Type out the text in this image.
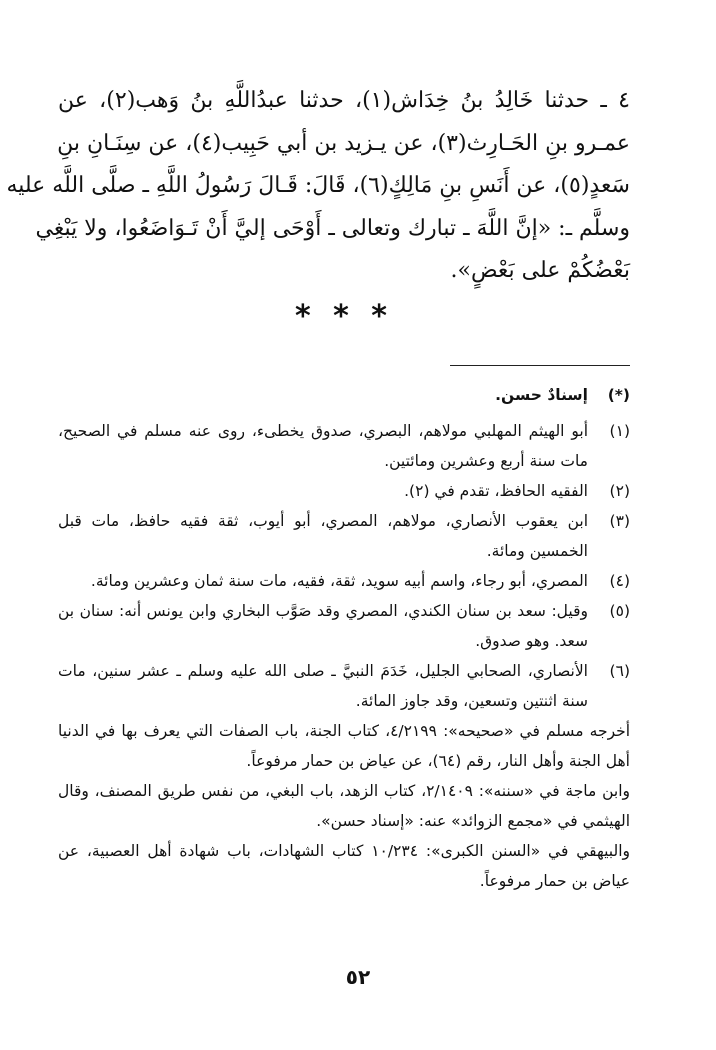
٤ ـ حدثنا خَالِدُ بنُ خِدَاش(١)، حدثنا عبدُاللَّهِ بنُ وَهب(٢)، عن
عمـرو بنِ الحَـارِث(٣)، عن يـزيد بن أبي حَبِيب(٤)، عن سِنَـانِ بنِ
سَعدٍ(٥)، عن أَنَسِ بنِ مَالِكٍ(٦)، قَالَ: قَـالَ رَسُولُ اللَّهِ ـ صلَّى اللَّه عليه
وسلَّم ـ: «إنَّ اللَّهَ ـ تبارك وتعالى ـ أَوْحَى إليَّ أَنْ تَـوَاضَعُوا، ولا يَبْغِي
بَعْضُكُمْ على بَعْضٍ».
* * *
(*)
إسنادٌ حسن.
(١)
أبو الهيثم المهلبي مولاهم، البصري، صدوق يخطىء، روى عنه مسلم في الصحيح، مات سنة أربع وعشرين ومائتين.
(٢)
الفقيه الحافظ، تقدم في (٢).
(٣)
ابن يعقوب الأنصاري، مولاهم، المصري، أبو أيوب، ثقة فقيه حافظ، مات قبل الخمسين ومائة.
(٤)
المصري، أبو رجاء، واسم أبيه سويد، ثقة، فقيه، مات سنة ثمان وعشرين ومائة.
(٥)
وقيل: سعد بن سنان الكندي، المصري وقد صَوَّب البخاري وابن يونس أنه: سنان بن سعد. وهو صدوق.
(٦)
الأنصاري، الصحابي الجليل، خَدَمَ النبيَّ ـ صلى الله عليه وسلم ـ عشر سنين، مات سنة اثنتين وتسعين، وقد جاوز المائة.
أخرجه مسلم في «صحيحه»: ٤/٢١٩٩، كتاب الجنة، باب الصفات التي يعرف بها في الدنيا أهل الجنة وأهل النار، رقم (٦٤)، عن عياض بن حمار مرفوعاً.
وابن ماجة في «سننه»: ٢/١٤٠٩، كتاب الزهد، باب البغي، من نفس طريق المصنف، وقال الهيثمي في «مجمع الزوائد» عنه: «إسناد حسن».
والبيهقي في «السنن الكبرى»: ١٠/٢٣٤ كتاب الشهادات، باب شهادة أهل العصبية، عن عياض بن حمار مرفوعاً.
٥٢
